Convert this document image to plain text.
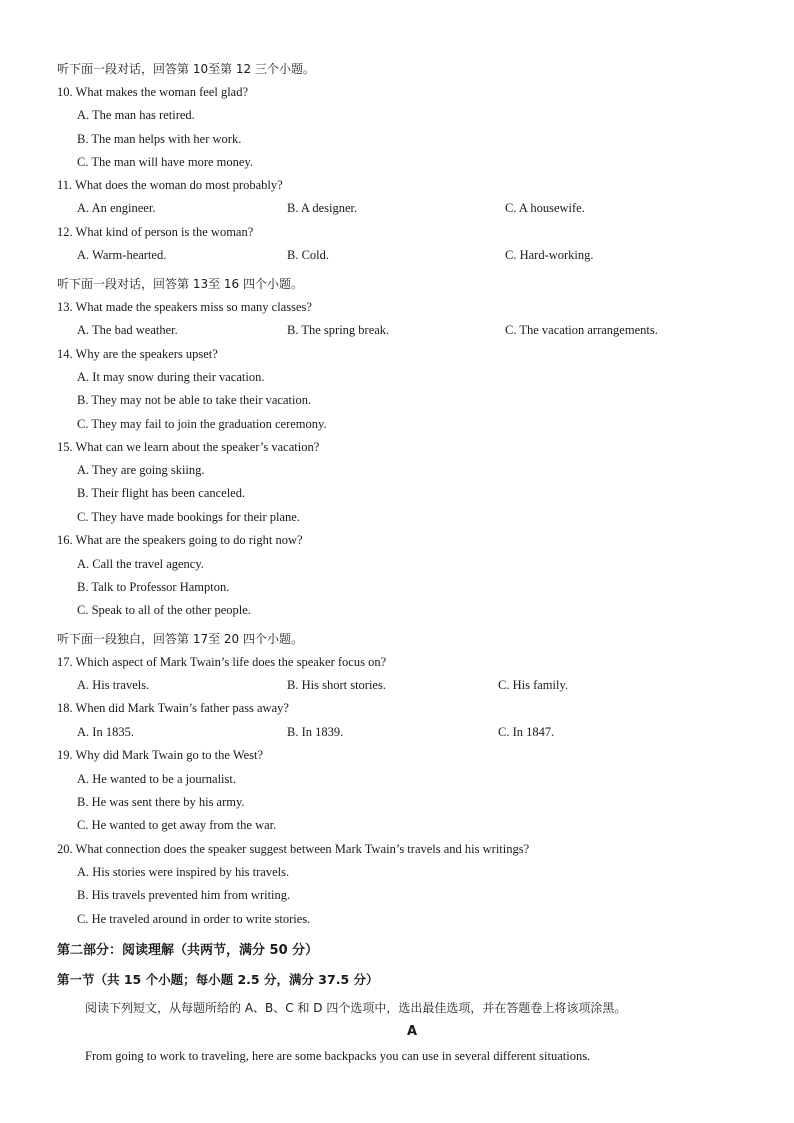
听下面一段对话，回答第 10至第 12 三个小题。
10. What makes the woman feel glad?
A. The man has retired.
B. The man helps with her work.
C. The man will have more money.
11. What does the woman do most probably?
A. An engineer.	B. A designer.	C. A housewife.
12. What kind of person is the woman?
A. Warm-hearted.	B. Cold.	C. Hard-working.
听下面一段对话，回答第 13至 16 四个小题。
13. What made the speakers miss so many classes?
A. The bad weather.	B. The spring break.	C. The vacation arrangements.
14. Why are the speakers upset?
A. It may snow during their vacation.
B. They may not be able to take their vacation.
C. They may fail to join the graduation ceremony.
15. What can we learn about the speaker’s vacation?
A. They are going skiing.
B. Their flight has been canceled.
C. They have made bookings for their plane.
16. What are the speakers going to do right now?
A. Call the travel agency.
B. Talk to Professor Hampton.
C. Speak to all of the other people.
听下面一段独白，回答第 17至 20 四个小题。
17. Which aspect of Mark Twain’s life does the speaker focus on?
A. His travels.	B. His short stories.	C. His family.
18. When did Mark Twain’s father pass away?
A. In 1835.	B. In 1839.	C. In 1847.
19. Why did Mark Twain go to the West?
A. He wanted to be a journalist.
B. He was sent there by his army.
C. He wanted to get away from the war.
20. What connection does the speaker suggest between Mark Twain’s travels and his writings?
A. His stories were inspired by his travels.
B. His travels prevented him from writing.
C. He traveled around in order to write stories.
第二部分：阅读理解（共两节，满分 50 分）
第一节（共 15 个小题；每小题 2.5 分，满分 37.5 分）
阅读下列短文，从每题所给的 A、B、C 和 D 四个选项中，选出最佳选项，并在答题卷上将该项涂黑。
A
From going to work to traveling, here are some backpacks you can use in several different situations.
